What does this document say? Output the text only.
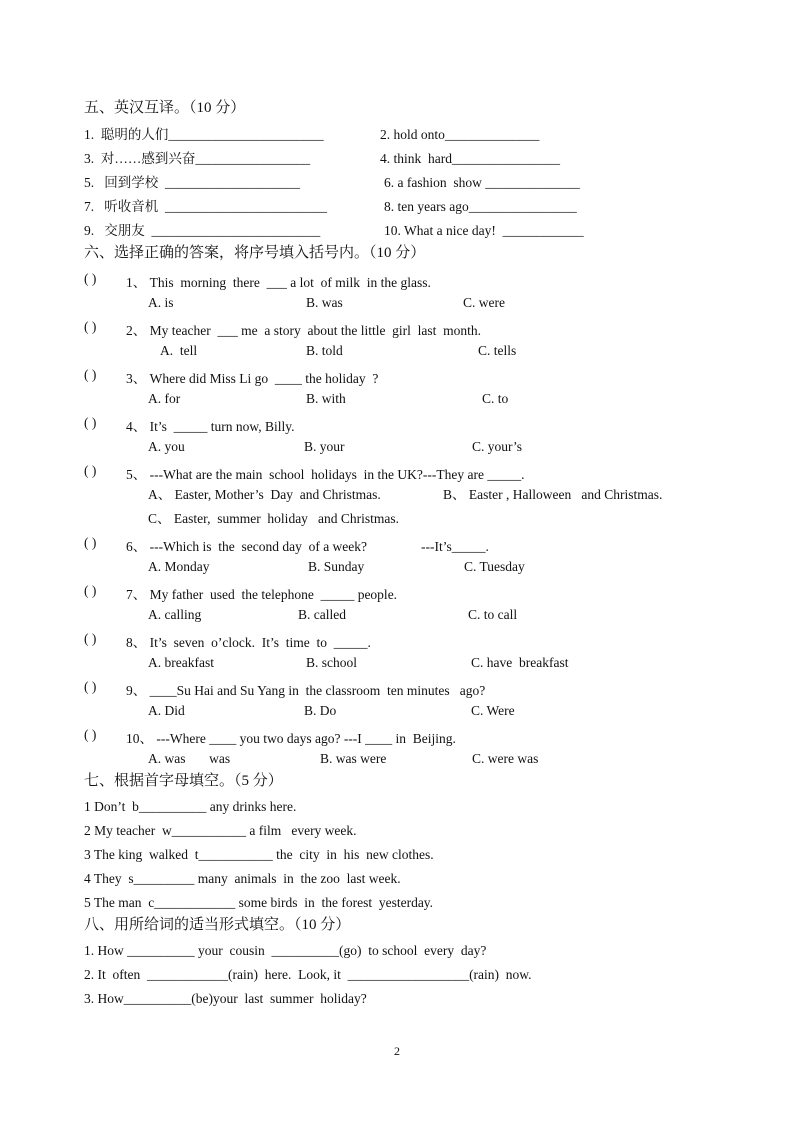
五、英汉互译。（10 分）
1.  聪明的人们_______________________	2. hold onto______________
3.  对……感到兴奋_________________	4. think  hard________________
5.   回到学校  ____________________	6. a fashion  show ______________
7.   听收音机  ________________________	8. ten years ago________________
9.   交朋友  _________________________	10. What a nice day!  ____________
六、选择正确的答案，将序号填入括号内。（10 分）
( ) 1、 This  morning  there  ___ a lot  of milk  in the glass.
A. is	B. was	C. were
( ) 2、 My teacher  ___ me  a story  about the little  girl  last  month.
A.  tell	B. told	C. tells
( ) 3、 Where did Miss Li go  ____ the holiday  ?
A. for	B. with	C. to
( ) 4、 It’s  _____ turn now, Billy.
A. you	B. your	C. your’s
( ) 5、 ---What are the main  school  holidays  in the UK?---They are _____.
A、 Easter, Mother’s  Day  and Christmas.	B、 Easter , Halloween   and Christmas.
C、 Easter,  summer  holiday   and Christmas.
( ) 6、 ---Which is  the  second day  of a week?                ---It’s_____.
A. Monday	B. Sunday	C. Tuesday
( ) 7、 My father  used  the telephone  _____ people.
A. calling	B. called	C. to call
( ) 8、 It’s  seven  o’clock.  It’s  time  to  _____.
A. breakfast	B. school	C. have  breakfast
( ) 9、 ____Su Hai and Su Yang in  the classroom  ten minutes   ago?
A. Did	B. Do	C. Were
( ) 10、 ---Where ____ you two days ago? ---I ____ in  Beijing.
A. was       was	B. was were	C. were was
七、根据首字母填空。（5 分）
1 Don’t  b__________ any drinks here.
2 My teacher  w___________ a film   every week.
3 The king  walked  t___________ the  city  in  his  new clothes.
4 They  s_________ many  animals  in  the zoo  last week.
5 The man  c____________ some birds  in  the forest  yesterday.
八、用所给词的适当形式填空。（10 分）
1. How __________ your  cousin  __________(go)  to school  every  day?
2. It  often  ____________(rain)  here.  Look, it  __________________(rain)  now.
3. How__________(be)your  last  summer  holiday?
2
